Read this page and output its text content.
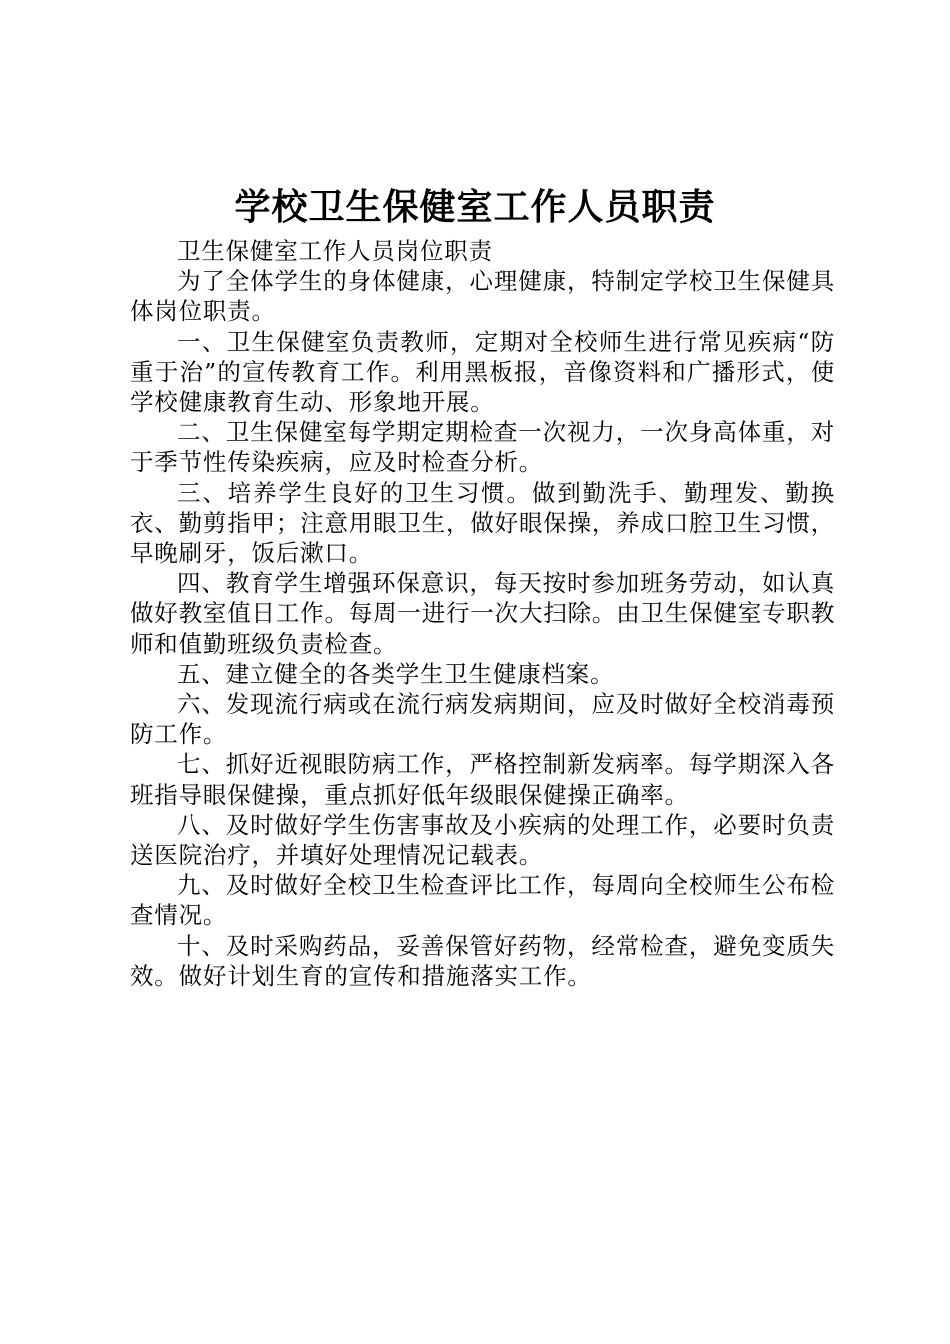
学校卫生保健室工作人员职责

卫生保健室工作人员岗位职责

为了全体学生的身体健康，心理健康，特制定学校卫生保健具体岗位职责。

一、卫生保健室负责教师，定期对全校师生进行常见疾病“防重于治”的宣传教育工作。利用黑板报，音像资料和广播形式，使学校健康教育生动、形象地开展。

二、卫生保健室每学期定期检查一次视力，一次身高体重，对于季节性传染疾病，应及时检查分析。

三、培养学生良好的卫生习惯。做到勤洗手、勤理发、勤换衣、勤剪指甲；注意用眼卫生，做好眼保操，养成口腔卫生习惯，早晚刷牙，饭后漱口。

四、教育学生增强环保意识，每天按时参加班务劳动，如认真做好教室值日工作。每周一进行一次大扫除。由卫生保健室专职教师和值勤班级负责检查。

五、建立健全的各类学生卫生健康档案。

六、发现流行病或在流行病发病期间，应及时做好全校消毒预防工作。

七、抓好近视眼防病工作，严格控制新发病率。每学期深入各班指导眼保健操，重点抓好低年级眼保健操正确率。

八、及时做好学生伤害事故及小疾病的处理工作，必要时负责送医院治疗，并填好处理情况记载表。

九、及时做好全校卫生检查评比工作，每周向全校师生公布检查情况。

十、及时采购药品，妥善保管好药物，经常检查，避免变质失效。做好计划生育的宣传和措施落实工作。
